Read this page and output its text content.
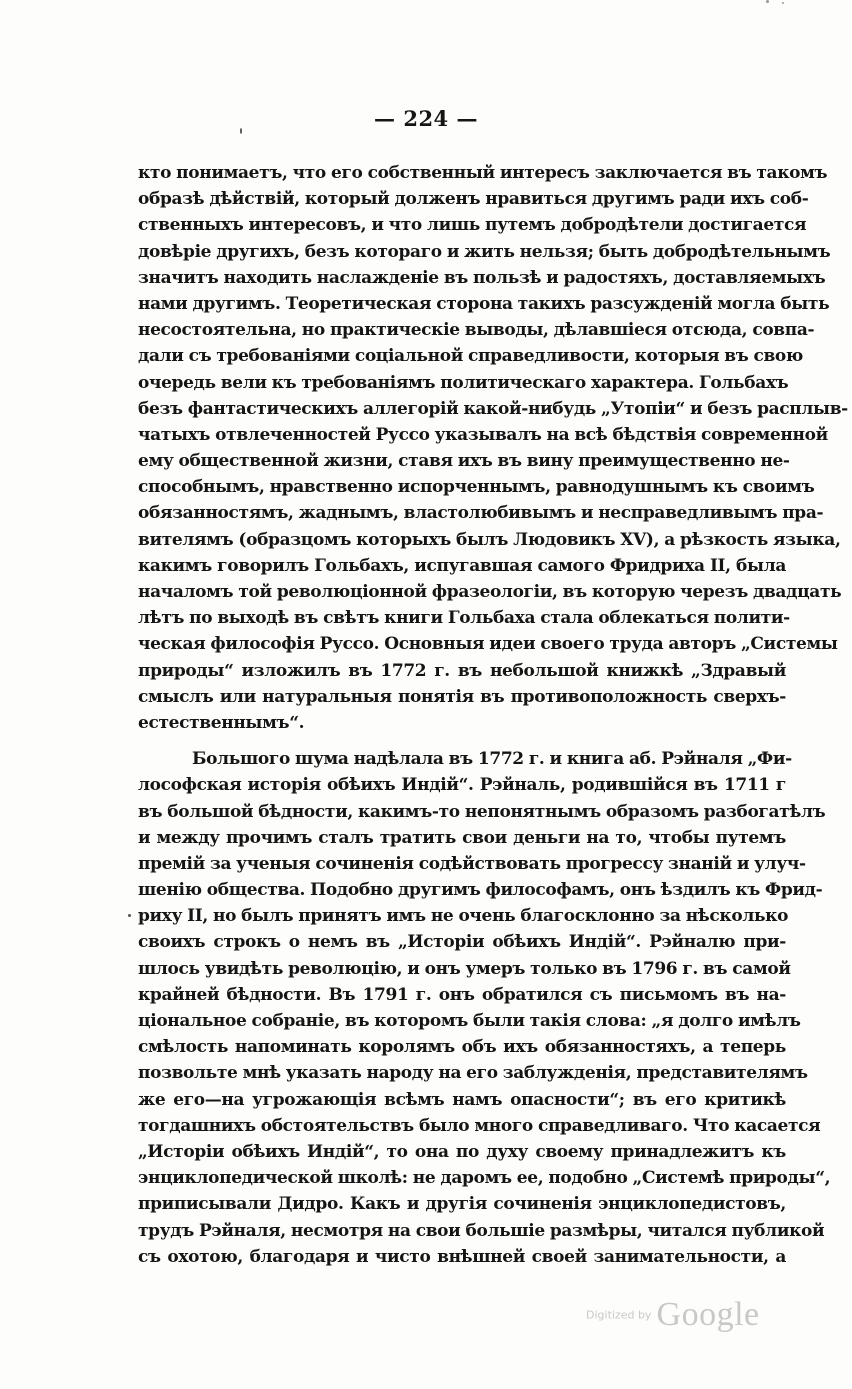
— 224 —
кто понимаетъ, что его собственный интересъ заключается въ такомъ
образѣ дѣйствій, который долженъ нравиться другимъ ради ихъ соб-
ственныхъ интересовъ, и что лишь путемъ добродѣтели достигается
довѣріе другихъ, безъ котораго и жить нельзя; быть добродѣтельнымъ
значитъ находить наслажденіе въ пользѣ и радостяхъ, доставляемыхъ
нами другимъ. Теоретическая сторона такихъ разсужденій могла быть
несостоятельна, но практическіе выводы, дѣлавшіеся отсюда, совпа-
дали съ требованіями соціальной справедливости, которыя въ свою
очередь вели къ требованіямъ политическаго характера. Гольбахъ
безъ фантастическихъ аллегорій какой-нибудь „Утопіи“ и безъ расплыв-
чатыхъ отвлеченностей Руссо указывалъ на всѣ бѣдствія современной
ему общественной жизни, ставя ихъ въ вину преимущественно не-
способнымъ, нравственно испорченнымъ, равнодушнымъ къ своимъ
обязанностямъ, жаднымъ, властолюбивымъ и несправедливымъ пра-
вителямъ (образцомъ которыхъ былъ Людовикъ XV), а рѣзкость языка,
какимъ говорилъ Гольбахъ, испугавшая самого Фридриха II, была
началомъ той революціонной фразеологіи, въ которую черезъ двадцать
лѣтъ по выходѣ въ свѣтъ книги Гольбаха стала облекаться полити-
ческая философія Руссо. Основныя идеи своего труда авторъ „Системы
природы“ изложилъ въ 1772 г. въ небольшой книжкѣ „Здравый
смыслъ или натуральныя понятія въ противоположность сверхъ-
естественнымъ“.
Большого шума надѣлала въ 1772 г. и книга аб. Рэйналя „Фи-
лософская исторія обѣихъ Индій“. Рэйналь, родившійся въ 1711 г
въ большой бѣдности, какимъ-то непонятнымъ образомъ разбогатѣлъ
и между прочимъ сталъ тратить свои деньги на то, чтобы путемъ
премій за ученыя сочиненія содѣйствовать прогрессу знаній и улуч-
шенію общества. Подобно другимъ философамъ, онъ ѣздилъ къ Фрид-
риху II, но былъ принятъ имъ не очень благосклонно за нѣсколько
своихъ строкъ о немъ въ „Исторіи обѣихъ Индій“. Рэйналю при-
шлось увидѣть революцію, и онъ умеръ только въ 1796 г. въ самой
крайней бѣдности. Въ 1791 г. онъ обратился съ письмомъ въ на-
ціональное собраніе, въ которомъ были такія слова: „я долго имѣлъ
смѣлость напоминать королямъ объ ихъ обязанностяхъ, а теперь
позвольте мнѣ указать народу на его заблужденія, представителямъ
же его—на угрожающія всѣмъ намъ опасности“; въ его критикѣ
тогдашнихъ обстоятельствъ было много справедливаго. Что касается
„Исторіи обѣихъ Индій“, то она по духу своему принадлежитъ къ
энциклопедической школѣ: не даромъ ее, подобно „Системѣ природы“,
приписывали Дидро. Какъ и другія сочиненія энциклопедистовъ,
трудъ Рэйналя, несмотря на свои большіе размѣры, читался публикой
съ охотою, благодаря и чисто внѣшней своей занимательности, а
Digitized by Google
